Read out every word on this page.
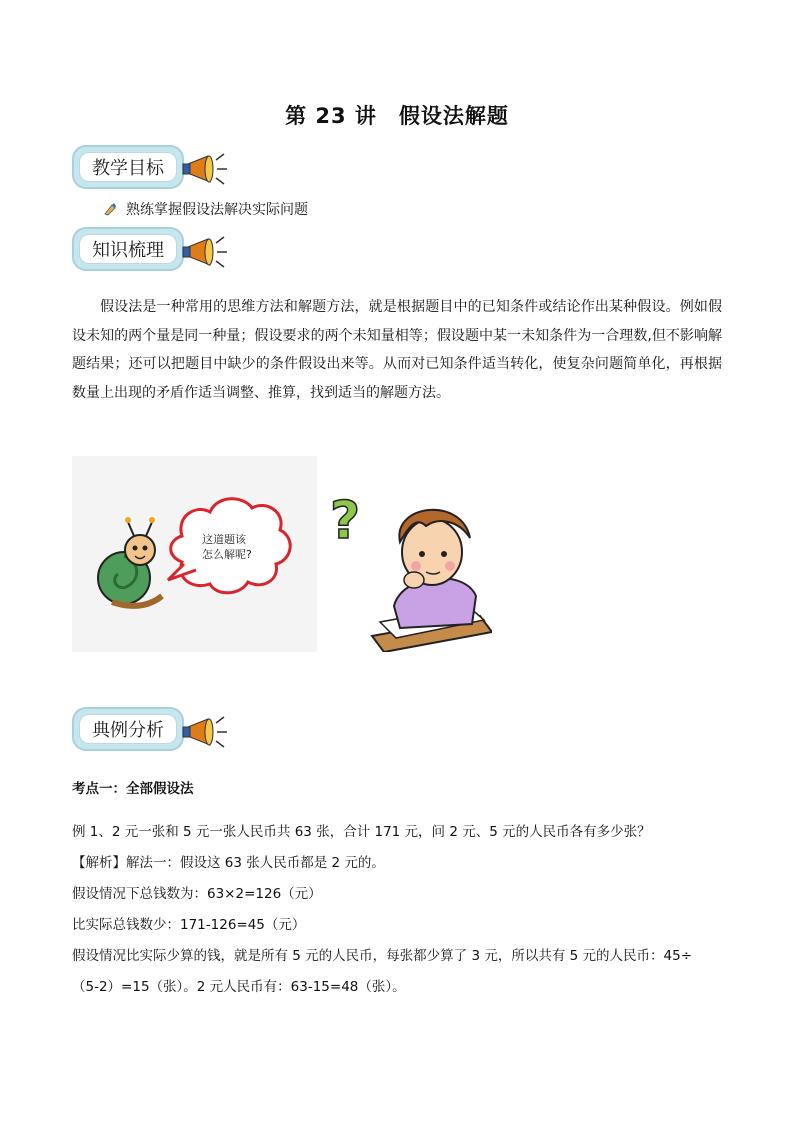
第 23 讲　假设法解题
教学目标
熟练掌握假设法解决实际问题
知识梳理
假设法是一种常用的思维方法和解题方法，就是根据题目中的已知条件或结论作出某种假设。例如假设未知的两个量是同一种量；假设要求的两个未知量相等；假设题中某一未知条件为一合理数,但不影响解题结果；还可以把题目中缺少的条件假设出来等。从而对已知条件适当转化，使复杂问题简单化，再根据数量上出现的矛盾作适当调整、推算，找到适当的解题方法。
这道题该
怎么解呢?
?
典例分析
考点一：全部假设法
例 1、2 元一张和 5 元一张人民币共 63 张，合计 171 元，问 2 元、5 元的人民币各有多少张？
【解析】解法一：假设这 63 张人民币都是 2 元的。
假设情况下总钱数为：63×2=126（元）
比实际总钱数少：171-126=45（元）
假设情况比实际少算的钱，就是所有 5 元的人民币，每张都少算了 3 元，所以共有 5 元的人民币：45÷
（5-2）=15（张）。2 元人民币有：63-15=48（张）。
